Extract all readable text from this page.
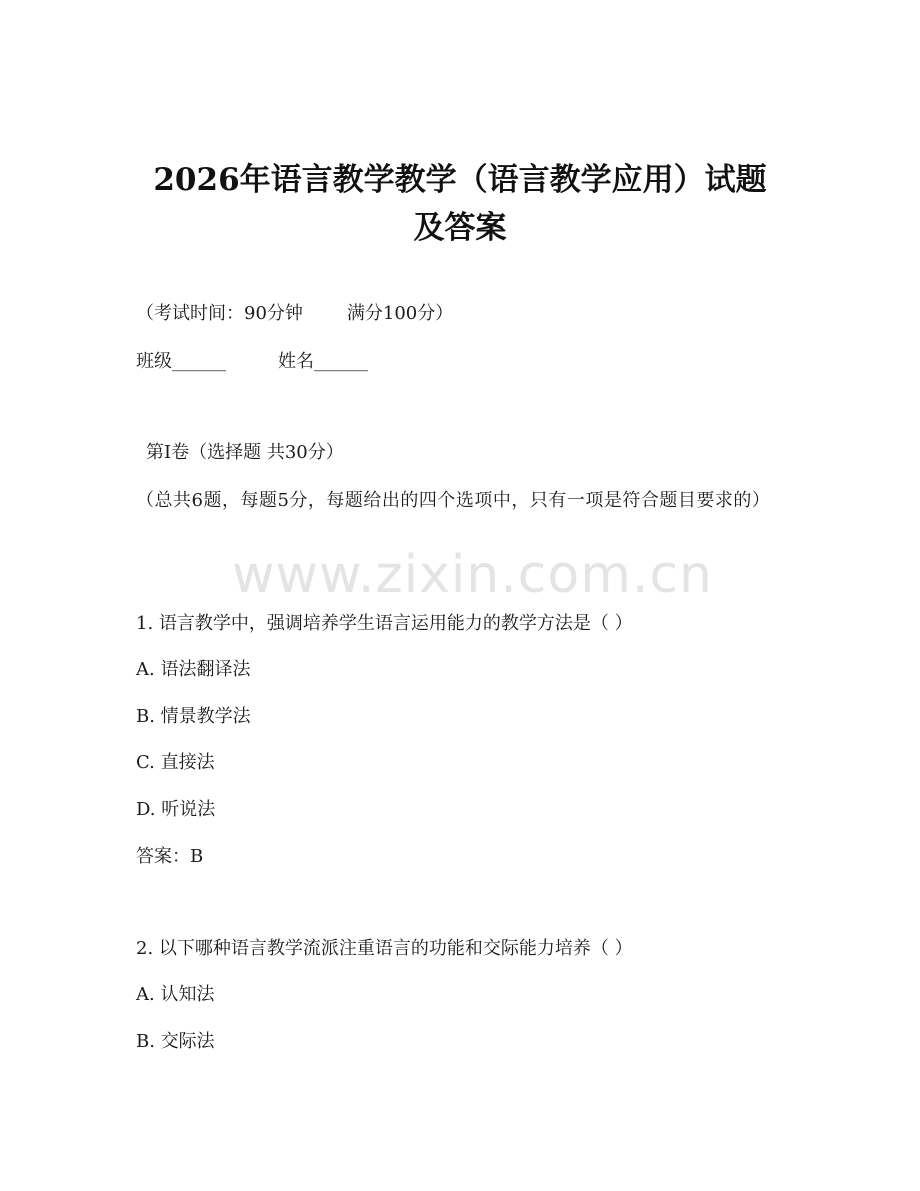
2026年语言教学教学（语言教学应用）试题
及答案
（考试时间：90分钟 满分100分）
班级______	姓名______
第Ⅰ卷（选择题 共30分）
（总共6题，每题5分，每题给出的四个选项中，只有一项是符合题目要求的）
www.zixin.com.cn
1. 语言教学中，强调培养学生语言运用能力的教学方法是（ ）
A. 语法翻译法
B. 情景教学法
C. 直接法
D. 听说法
答案：B
2. 以下哪种语言教学流派注重语言的功能和交际能力培养（ ）
A. 认知法
B. 交际法
